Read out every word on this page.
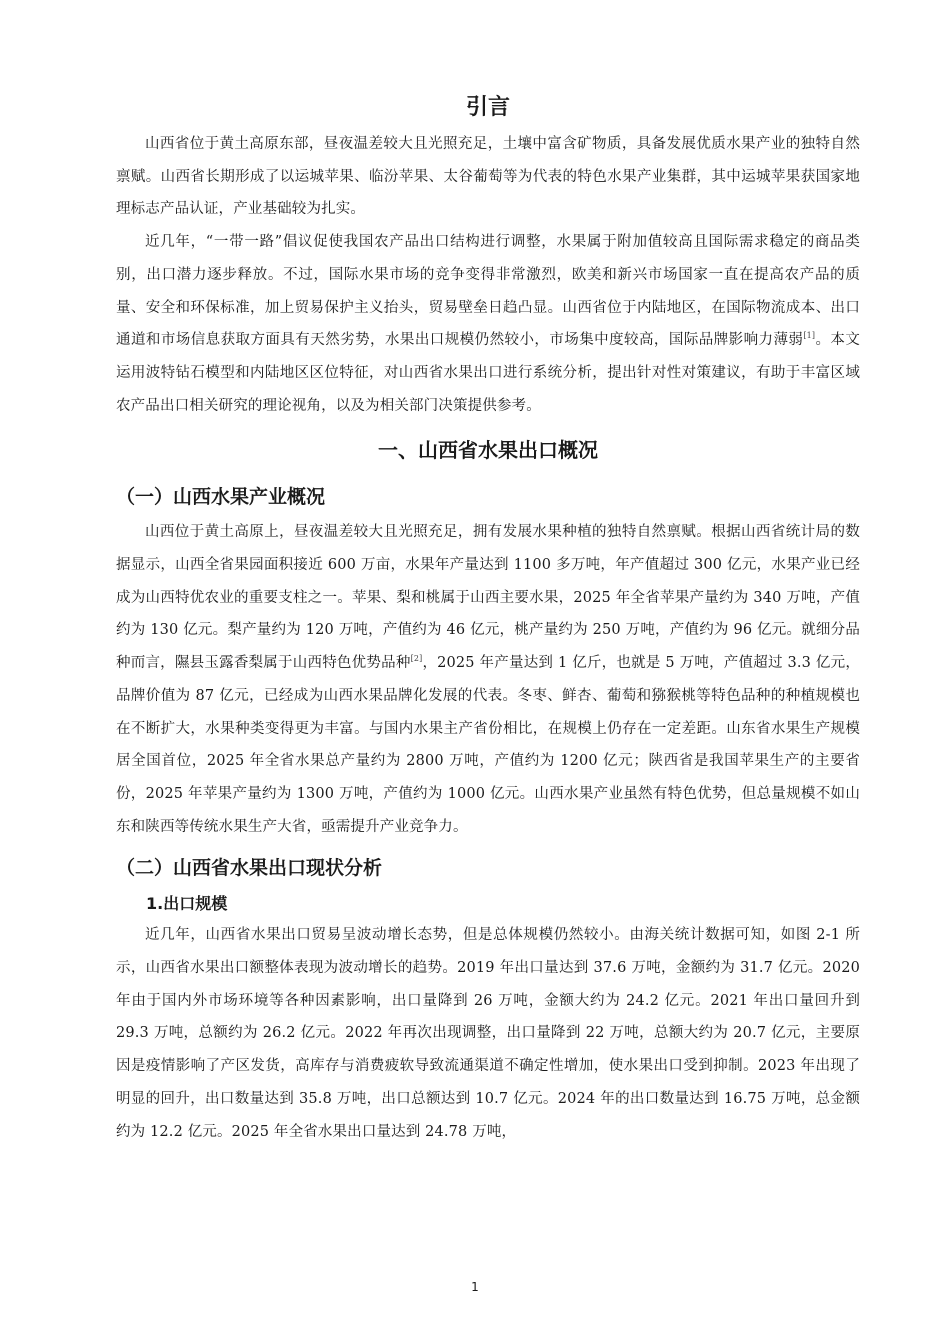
引言

山西省位于黄土高原东部，昼夜温差较大且光照充足，土壤中富含矿物质，具备发展优质水果产业的独特自然禀赋。山西省长期形成了以运城苹果、临汾苹果、太谷葡萄等为代表的特色水果产业集群，其中运城苹果获国家地理标志产品认证，产业基础较为扎实。

近几年，“一带一路”倡议促使我国农产品出口结构进行调整，水果属于附加值较高且国际需求稳定的商品类别，出口潜力逐步释放。不过，国际水果市场的竞争变得非常激烈，欧美和新兴市场国家一直在提高农产品的质量、安全和环保标准，加上贸易保护主义抬头，贸易壁垒日趋凸显。山西省位于内陆地区，在国际物流成本、出口通道和市场信息获取方面具有天然劣势，水果出口规模仍然较小，市场集中度较高，国际品牌影响力薄弱[1]。本文运用波特钻石模型和内陆地区区位特征，对山西省水果出口进行系统分析，提出针对性对策建议，有助于丰富区域农产品出口相关研究的理论视角，以及为相关部门决策提供参考。

一、山西省水果出口概况
（一）山西水果产业概况

山西位于黄土高原上，昼夜温差较大且光照充足，拥有发展水果种植的独特自然禀赋。根据山西省统计局的数据显示，山西全省果园面积接近 600 万亩，水果年产量达到 1100 多万吨，年产值超过 300 亿元，水果产业已经成为山西特优农业的重要支柱之一。苹果、梨和桃属于山西主要水果，2025 年全省苹果产量约为 340 万吨，产值约为 130 亿元。梨产量约为 120 万吨，产值约为 46 亿元，桃产量约为 250 万吨，产值约为 96 亿元。就细分品种而言，隰县玉露香梨属于山西特色优势品种[2]，2025 年产量达到 1 亿斤，也就是 5 万吨，产值超过 3.3 亿元，品牌价值为 87 亿元，已经成为山西水果品牌化发展的代表。冬枣、鲜杏、葡萄和猕猴桃等特色品种的种植规模也在不断扩大，水果种类变得更为丰富。与国内水果主产省份相比，在规模上仍存在一定差距。山东省水果生产规模居全国首位，2025 年全省水果总产量约为 2800 万吨，产值约为 1200 亿元；陕西省是我国苹果生产的主要省份，2025 年苹果产量约为 1300 万吨，产值约为 1000 亿元。山西水果产业虽然有特色优势，但总量规模不如山东和陕西等传统水果生产大省，亟需提升产业竞争力。

（二）山西省水果出口现状分析
1.出口规模

近几年，山西省水果出口贸易呈波动增长态势，但是总体规模仍然较小。由海关统计数据可知，如图 2-1 所示，山西省水果出口额整体表现为波动增长的趋势。2019 年出口量达到 37.6 万吨，金额约为 31.7 亿元。2020 年由于国内外市场环境等各种因素影响，出口量降到 26 万吨，金额大约为 24.2 亿元。2021 年出口量回升到 29.3 万吨，总额约为 26.2 亿元。2022 年再次出现调整，出口量降到 22 万吨，总额大约为 20.7 亿元，主要原因是疫情影响了产区发货，高库存与消费疲软导致流通渠道不确定性增加，使水果出口受到抑制。2023 年出现了明显的回升，出口数量达到 35.8 万吨，出口总额达到 10.7 亿元。2024 年的出口数量达到 16.75 万吨，总金额约为 12.2 亿元。2025 年全省水果出口量达到 24.78 万吨，

1
